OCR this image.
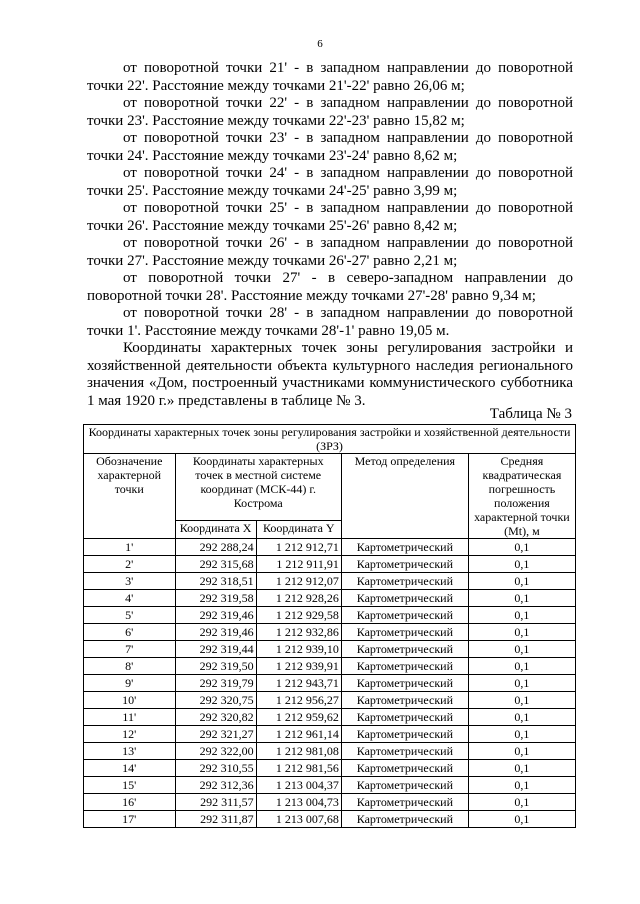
6

от поворотной точки 21' - в западном направлении до поворотной точки 22'. Расстояние между точками 21'-22' равно 26,06 м;

от поворотной точки 22' - в западном направлении до поворотной точки 23'. Расстояние между точками 22'-23' равно 15,82 м;

от поворотной точки 23' - в западном направлении до поворотной точки 24'. Расстояние между точками 23'-24' равно 8,62 м;

от поворотной точки 24' - в западном направлении до поворотной точки 25'. Расстояние между точками 24'-25' равно 3,99 м;

от поворотной точки 25' - в западном направлении до поворотной точки 26'. Расстояние между точками 25'-26' равно 8,42 м;

от поворотной точки 26' - в западном направлении до поворотной точки 27'. Расстояние между точками 26'-27' равно 2,21 м;

от поворотной точки 27' - в северо-западном направлении до поворотной точки 28'. Расстояние между точками 27'-28' равно 9,34 м;

от поворотной точки 28' - в западном направлении до поворотной точки 1'. Расстояние между точками 28'-1' равно 19,05 м.

Координаты характерных точек зоны регулирования застройки и хозяйственной деятельности объекта культурного наследия регионального значения «Дом, построенный участниками коммунистического субботника 1 мая 1920 г.» представлены в таблице № 3.

Таблица № 3
Координаты характерных точек зоны регулирования застройки и хозяйственной деятельности (ЗРЗ)				
Обозначение характерной точки	Координаты характерных точек в местной системе координат (МСК-44) г. Кострома		Метод определения	Средняя квадратическая погрешность положения характерной точки (Mt), м
	Координата X	Координата Y		
1'	292 288,24	1 212 912,71	Картометрический	0,1
2'	292 315,68	1 212 911,91	Картометрический	0,1
3'	292 318,51	1 212 912,07	Картометрический	0,1
4'	292 319,58	1 212 928,26	Картометрический	0,1
5'	292 319,46	1 212 929,58	Картометрический	0,1
6'	292 319,46	1 212 932,86	Картометрический	0,1
7'	292 319,44	1 212 939,10	Картометрический	0,1
8'	292 319,50	1 212 939,91	Картометрический	0,1
9'	292 319,79	1 212 943,71	Картометрический	0,1
10'	292 320,75	1 212 956,27	Картометрический	0,1
11'	292 320,82	1 212 959,62	Картометрический	0,1
12'	292 321,27	1 212 961,14	Картометрический	0,1
13'	292 322,00	1 212 981,08	Картометрический	0,1
14'	292 310,55	1 212 981,56	Картометрический	0,1
15'	292 312,36	1 213 004,37	Картометрический	0,1
16'	292 311,57	1 213 004,73	Картометрический	0,1
17'	292 311,87	1 213 007,68	Картометрический	0,1
